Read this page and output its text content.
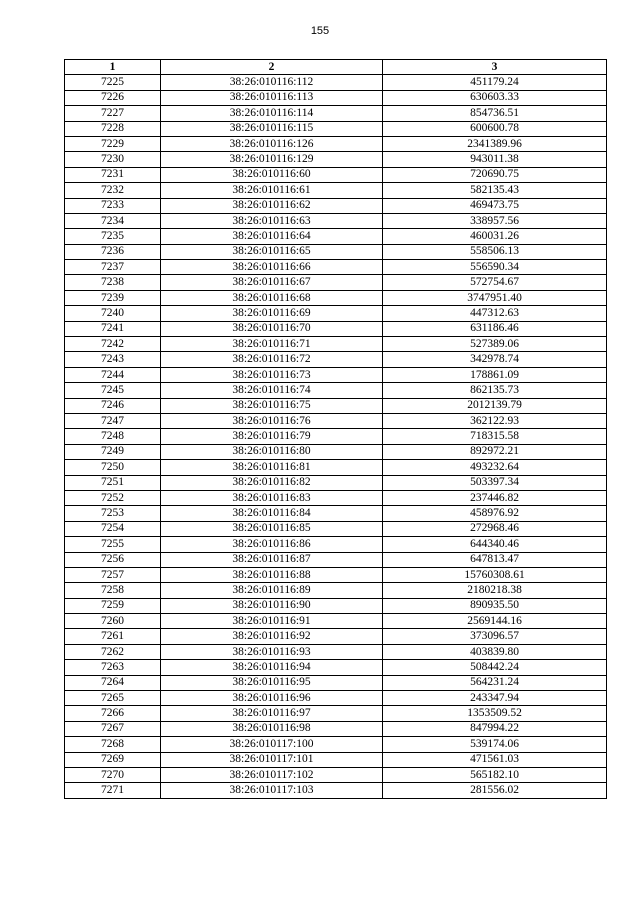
155
1	2	3
7225	38:26:010116:112	451179.24
7226	38:26:010116:113	630603.33
7227	38:26:010116:114	854736.51
7228	38:26:010116:115	600600.78
7229	38:26:010116:126	2341389.96
7230	38:26:010116:129	943011.38
7231	38:26:010116:60	720690.75
7232	38:26:010116:61	582135.43
7233	38:26:010116:62	469473.75
7234	38:26:010116:63	338957.56
7235	38:26:010116:64	460031.26
7236	38:26:010116:65	558506.13
7237	38:26:010116:66	556590.34
7238	38:26:010116:67	572754.67
7239	38:26:010116:68	3747951.40
7240	38:26:010116:69	447312.63
7241	38:26:010116:70	631186.46
7242	38:26:010116:71	527389.06
7243	38:26:010116:72	342978.74
7244	38:26:010116:73	178861.09
7245	38:26:010116:74	862135.73
7246	38:26:010116:75	2012139.79
7247	38:26:010116:76	362122.93
7248	38:26:010116:79	718315.58
7249	38:26:010116:80	892972.21
7250	38:26:010116:81	493232.64
7251	38:26:010116:82	503397.34
7252	38:26:010116:83	237446.82
7253	38:26:010116:84	458976.92
7254	38:26:010116:85	272968.46
7255	38:26:010116:86	644340.46
7256	38:26:010116:87	647813.47
7257	38:26:010116:88	15760308.61
7258	38:26:010116:89	2180218.38
7259	38:26:010116:90	890935.50
7260	38:26:010116:91	2569144.16
7261	38:26:010116:92	373096.57
7262	38:26:010116:93	403839.80
7263	38:26:010116:94	508442.24
7264	38:26:010116:95	564231.24
7265	38:26:010116:96	243347.94
7266	38:26:010116:97	1353509.52
7267	38:26:010116:98	847994.22
7268	38:26:010117:100	539174.06
7269	38:26:010117:101	471561.03
7270	38:26:010117:102	565182.10
7271	38:26:010117:103	281556.02
